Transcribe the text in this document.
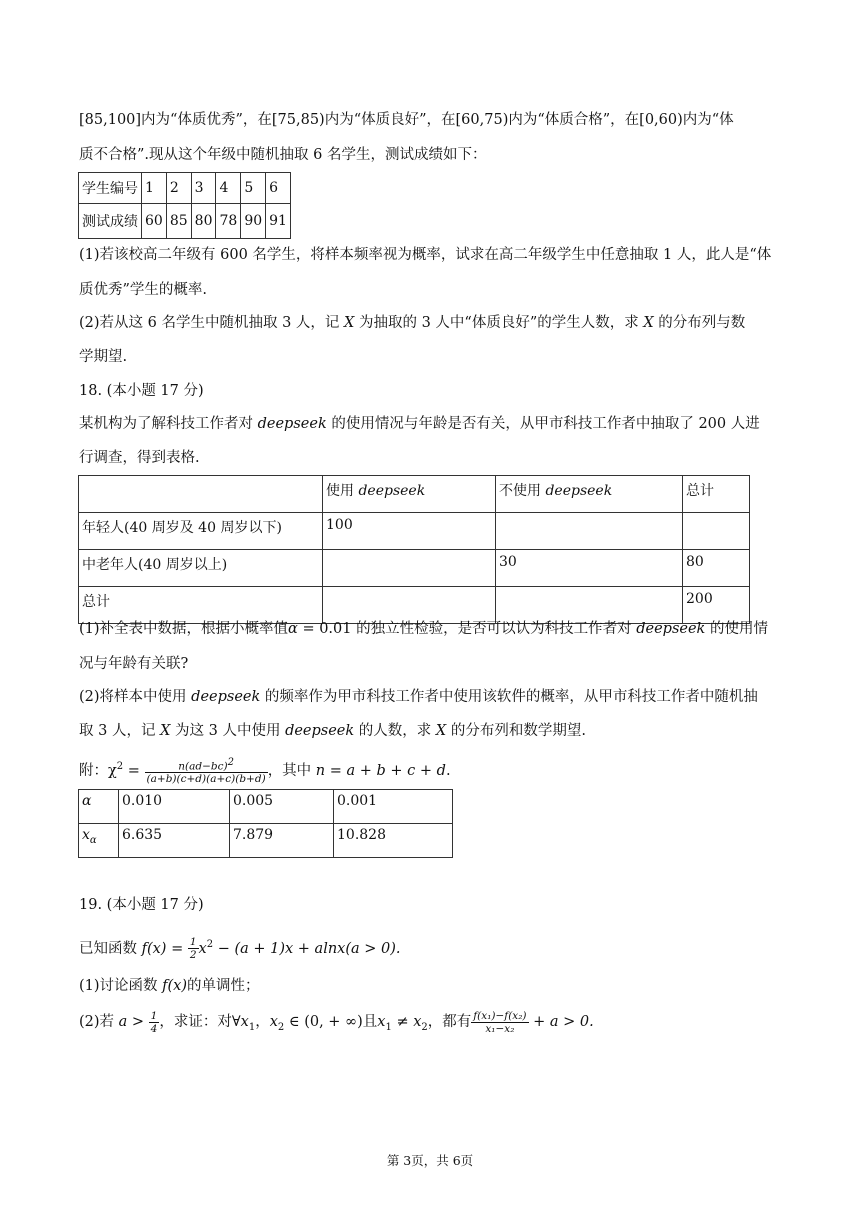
[85,100]内为“体质优秀”，在[75,85)内为“体质良好”，在[60,75)内为“体质合格”，在[0,60)内为“体
质不合格”.现从这个年级中随机抽取 6 名学生，测试成绩如下：
学生编号	1	2	3	4	5	6
测试成绩	60	85	80	78	90	91
(1)若该校高二年级有 600 名学生，将样本频率视为概率，试求在高二年级学生中任意抽取 1 人，此人是“体
质优秀”学生的概率.
(2)若从这 6 名学生中随机抽取 3 人，记 X 为抽取的 3 人中“体质良好”的学生人数，求 X 的分布列与数
学期望.
18. (本小题 17 分)
某机构为了解科技工作者对 deepseek 的使用情况与年龄是否有关，从甲市科技工作者中抽取了 200 人进
行调查，得到表格.
	使用 deepseek	不使用 deepseek	总计
年轻人(40 周岁及 40 周岁以下)	100		
中老年人(40 周岁以上)		30	80
总计			200
(1)补全表中数据，根据小概率值α = 0.01 的独立性检验，是否可以认为科技工作者对 deepseek 的使用情
况与年龄有关联?
(2)将样本中使用 deepseek 的频率作为甲市科技工作者中使用该软件的概率，从甲市科技工作者中随机抽
取 3 人，记 X 为这 3 人中使用 deepseek 的人数，求 X 的分布列和数学期望.
附：$\chi^2 = \frac{n(ad-bc)^2}{(a+b)(c+d)(a+c)(b+d)}$ ，其中 n = a + b + c + d.
α	0.010	0.005	0.001
$x_\alpha$	6.635	7.879	10.828
19. (本小题 17 分)
已知函数 $f(x) = \frac{1}{2} x^2 - (a + 1)x + alnx(a > 0)$.
(1)讨论函数 f(x)的单调性；
(2)若 $a > \frac{1}{4}$ ，求证：对$\forall x_1$，$x_2$ ∈ (0, + ∞)且$x_1 \ne x_2$，都有 $\frac{\text{f(x₁)−f(x₂)}}{\text{x₁−x₂}} + a > 0$.
第 3页，共 6页
